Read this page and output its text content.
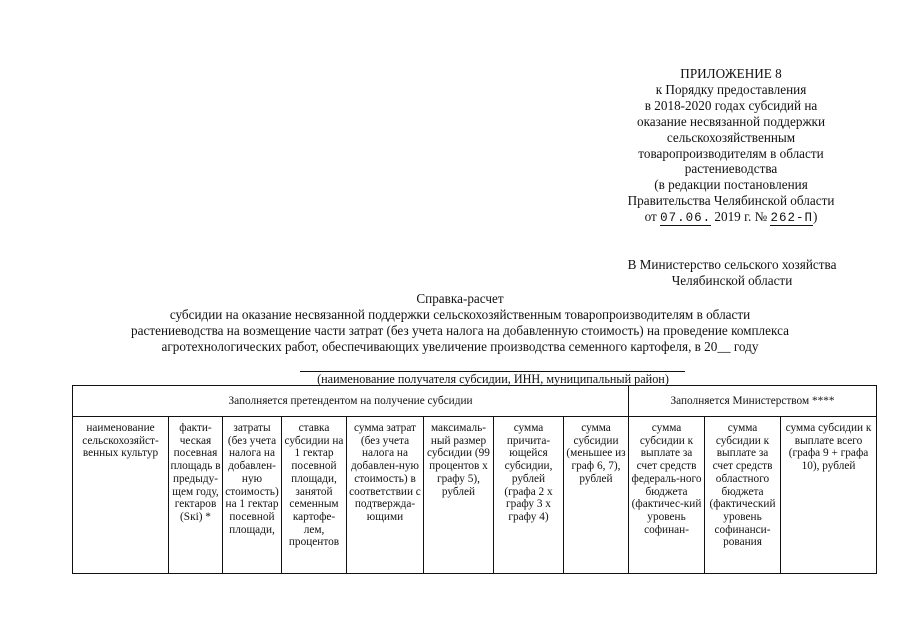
ПРИЛОЖЕНИЕ 8
к Порядку предоставления
в 2018-2020 годах субсидий на
оказание несвязанной поддержки
сельскохозяйственным
товаропроизводителям в области
растениеводства
(в редакции постановления
Правительства Челябинской области
от 07.06. 2019 г. № 262-П)
В Министерство сельского хозяйства
Челябинской области
Справка-расчет
субсидии на оказание несвязанной поддержки сельскохозяйственным товаропроизводителям в области
растениеводства на возмещение части затрат (без учета налога на добавленную стоимость) на проведение комплекса
агротехнологических работ, обеспечивающих увеличение производства семенного картофеля, в 20__ году
(наименование получателя субсидии, ИНН, муниципальный район)
Заполняется претендентом на получение субсидии								Заполняется Министерством ****		
наименование сельскохозяйст-венных культур	факти-ческая посевная площадь в предыду-щем году, гектаров (Sкi) *	затраты (без учета налога на добавлен-ную стоимость) на 1 гектар посевной площади,	ставка субсидии на 1 гектар посевной площади, занятой семенным картофе-лем, процентов	сумма затрат (без учета налога на добавлен-ную стоимость) в соответствии с подтвержда-ющими	максималь-ный размер субсидии (99 процентов х графу 5), рублей	сумма причита-ющейся субсидии, рублей (графа 2 х графу 3 х графу 4)	сумма субсидии (меньшее из граф 6, 7), рублей	сумма субсидии к выплате за счет средств федераль-ного бюджета (фактичес-кий уровень софинан-	сумма субсидии к выплате за счет средств областного бюджета (фактический уровень софинанси-рования	сумма субсидии к выплате всего (графа 9 + графа 10), рублей
